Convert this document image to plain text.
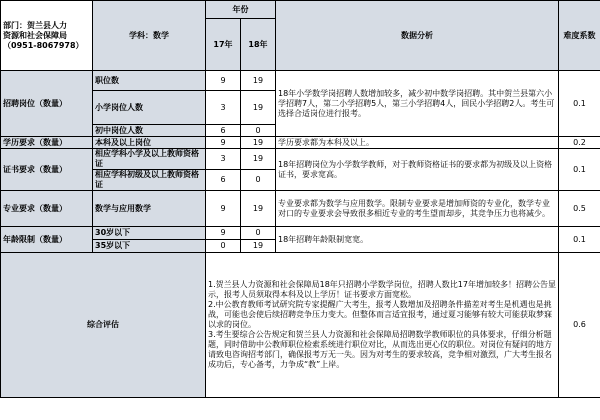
部门：贺兰县人力
资源和社会保障局
（0951-8067978）	学科：数学	年份		数据分析	难度系数
		17年	18年		
招聘岗位（数量）	职位数	9	19	18年小学数学岗招聘人数增加较多，减少初中数学岗招聘。其中贺兰县第六小学招聘7人，第二小学招聘5人，第三小学招聘4人，回民小学招聘2人。考生可选择合适岗位进行报考。	0.1
	小学岗位人数	3	19		
	初中岗位人数	6	0		
学历要求（数量）	本科及以上岗位	9	19	学历要求都为本科及以上。	0.2
证书要求（数量）	相应学科小学及以上教师资格证	3	19	18年招聘岗位为小学数学教师，对于教师资格证书的要求都为初级及以上资格证书，要求宽高。	0.1
	相应学科初级及以上教师资格证	6	0		
专业要求（数量）	数学与应用数学	9	19	专业要求都为数学与应用数学。限制专业要求是增加师资的专业化，数学专业对口的专业要求会导致很多相近专业的考生望而却步，其竞争压力也将减少。	0.5
年龄限制（数量）	30岁以下	9	0	18年招聘年龄限制宽宽。	0.1
	35岁以下	0	19		
综合评估		1.贺兰县人力资源和社会保障局18年只招聘小学数学岗位，招聘人数比17年增加较多！招聘公告显示，报考人员须取得本科及以上学历！证书要求方面宽松。
2.中公教育教师考试研究院专家提醒广大考生，报考人数增加及招聘条件描差对考生是机遇也是挑战，可能也会使后续招聘竞争压力变大。但整体而言适宜报考，通过夏习能够有较大可能获取梦寐以求的岗位。
3.考生要综合公告规定和贺兰县人力资源和社会保障局招聘数学教师职位的具体要求，仔细分析题题，同时借助中公教师职位检索系统进行职位对比，从而选出更心仪的职位。对岗位有疑问的地方请致电咨询招考部门，确保报考万无一失。因为对考生的要求较高，竞争相对激烈，广大考生报名成功后，专心备考，力争成“教”上岸。			0.6
